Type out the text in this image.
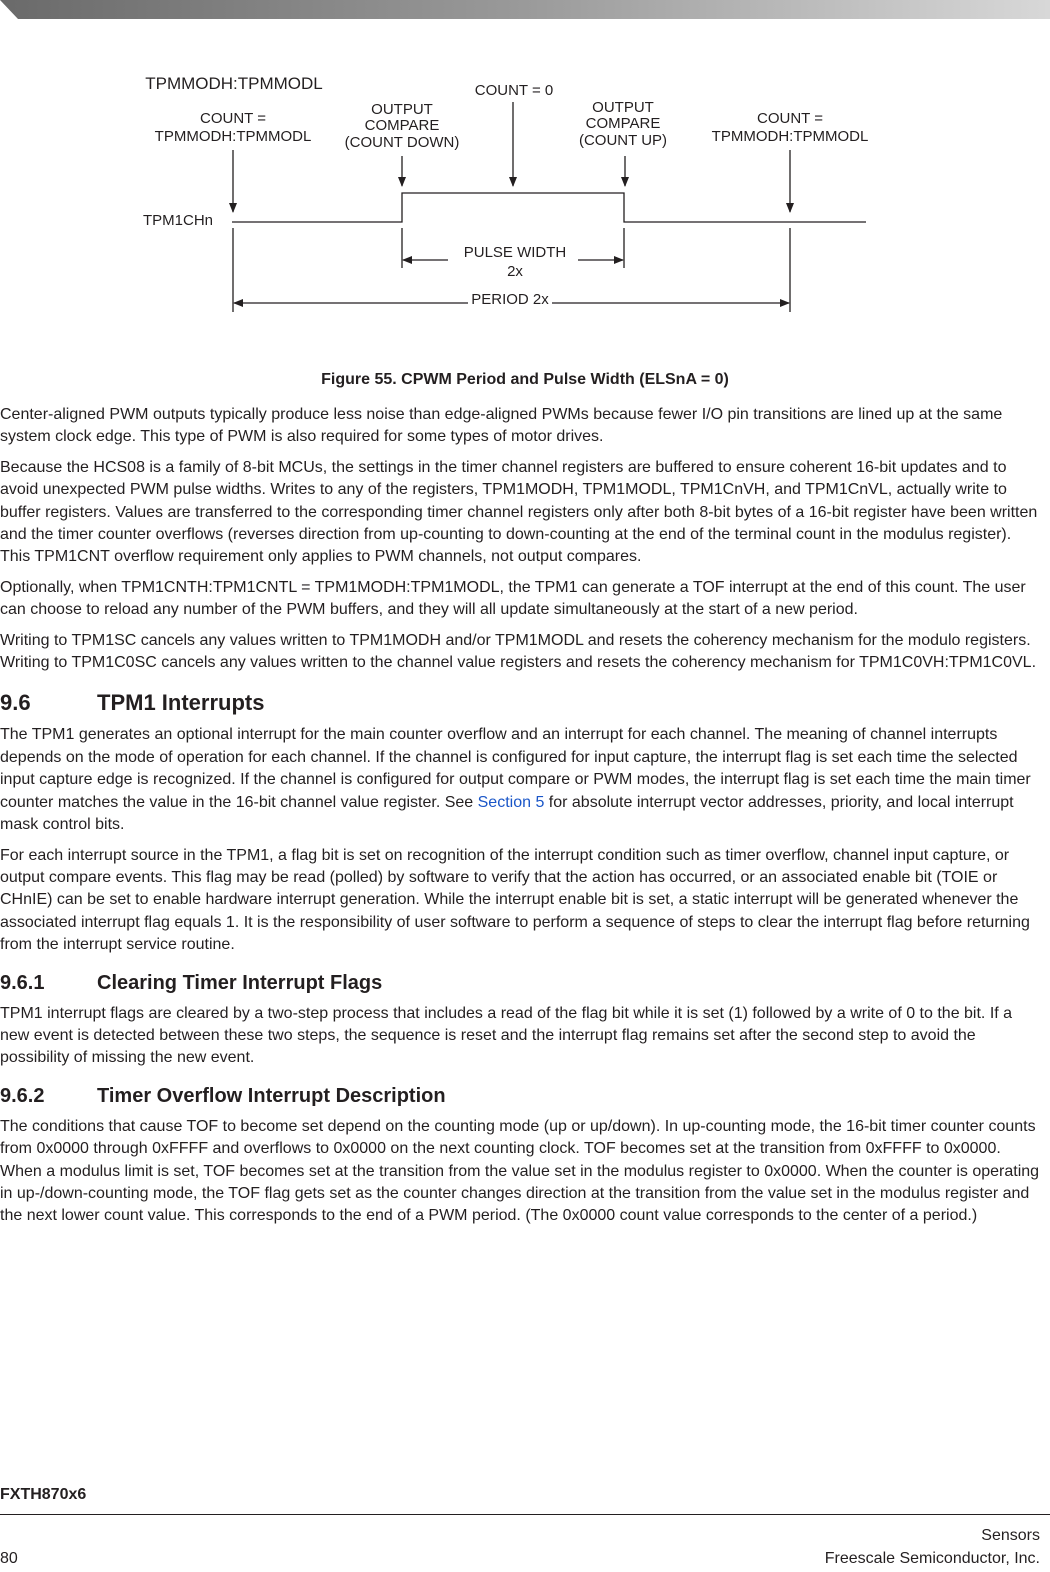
TPMMODH:TPMMODL
COUNT =
TPMMODH:TPMMODL
OUTPUT
COMPARE
(COUNT DOWN)
COUNT = 0
OUTPUT
COMPARE
(COUNT UP)
COUNT =
TPMMODH:TPMMODL
TPM1CHn
PULSE WIDTH
2x
PERIOD 2x
Figure 55. CPWM Period and Pulse Width (ELSnA = 0)

Center-aligned PWM outputs typically produce less noise than edge-aligned PWMs because fewer I/O pin transitions are lined up at the same system clock edge. This type of PWM is also required for some types of motor drives.

Because the HCS08 is a family of 8-bit MCUs, the settings in the timer channel registers are buffered to ensure coherent 16-bit updates and to avoid unexpected PWM pulse widths. Writes to any of the registers, TPM1MODH, TPM1MODL, TPM1CnVH, and TPM1CnVL, actually write to buffer registers. Values are transferred to the corresponding timer channel registers only after both 8-bit bytes of a 16-bit register have been written and the timer counter overflows (reverses direction from up-counting to down-counting at the end of the terminal count in the modulus register). This TPM1CNT overflow requirement only applies to PWM channels, not output compares.

Optionally, when TPM1CNTH:TPM1CNTL = TPM1MODH:TPM1MODL, the TPM1 can generate a TOF interrupt at the end of this count. The user can choose to reload any number of the PWM buffers, and they will all update simultaneously at the start of a new period.

Writing to TPM1SC cancels any values written to TPM1MODH and/or TPM1MODL and resets the coherency mechanism for the modulo registers. Writing to TPM1C0SC cancels any values written to the channel value registers and resets the coherency mechanism for TPM1C0VH:TPM1C0VL.

9.6	TPM1 Interrupts

The TPM1 generates an optional interrupt for the main counter overflow and an interrupt for each channel. The meaning of channel interrupts depends on the mode of operation for each channel. If the channel is configured for input capture, the interrupt flag is set each time the selected input capture edge is recognized. If the channel is configured for output compare or PWM modes, the interrupt flag is set each time the main timer counter matches the value in the 16-bit channel value register. See Section 5 for absolute interrupt vector addresses, priority, and local interrupt mask control bits.

For each interrupt source in the TPM1, a flag bit is set on recognition of the interrupt condition such as timer overflow, channel input capture, or output compare events. This flag may be read (polled) by software to verify that the action has occurred, or an associated enable bit (TOIE or CHnIE) can be set to enable hardware interrupt generation. While the interrupt enable bit is set, a static interrupt will be generated whenever the associated interrupt flag equals 1. It is the responsibility of user software to perform a sequence of steps to clear the interrupt flag before returning from the interrupt service routine.

9.6.1	Clearing Timer Interrupt Flags

TPM1 interrupt flags are cleared by a two-step process that includes a read of the flag bit while it is set (1) followed by a write of 0 to the bit. If a new event is detected between these two steps, the sequence is reset and the interrupt flag remains set after the second step to avoid the possibility of missing the new event.

9.6.2	Timer Overflow Interrupt Description

The conditions that cause TOF to become set depend on the counting mode (up or up/down). In up-counting mode, the 16-bit timer counter counts from 0x0000 through 0xFFFF and overflows to 0x0000 on the next counting clock. TOF becomes set at the transition from 0xFFFF to 0x0000. When a modulus limit is set, TOF becomes set at the transition from the value set in the modulus register to 0x0000. When the counter is operating in up-/down-counting mode, the TOF flag gets set as the counter changes direction at the transition from the value set in the modulus register and the next lower count value. This corresponds to the end of a PWM period. (The 0x0000 count value corresponds to the center of a period.)

FXTH870x6
Sensors
80	Freescale Semiconductor, Inc.
